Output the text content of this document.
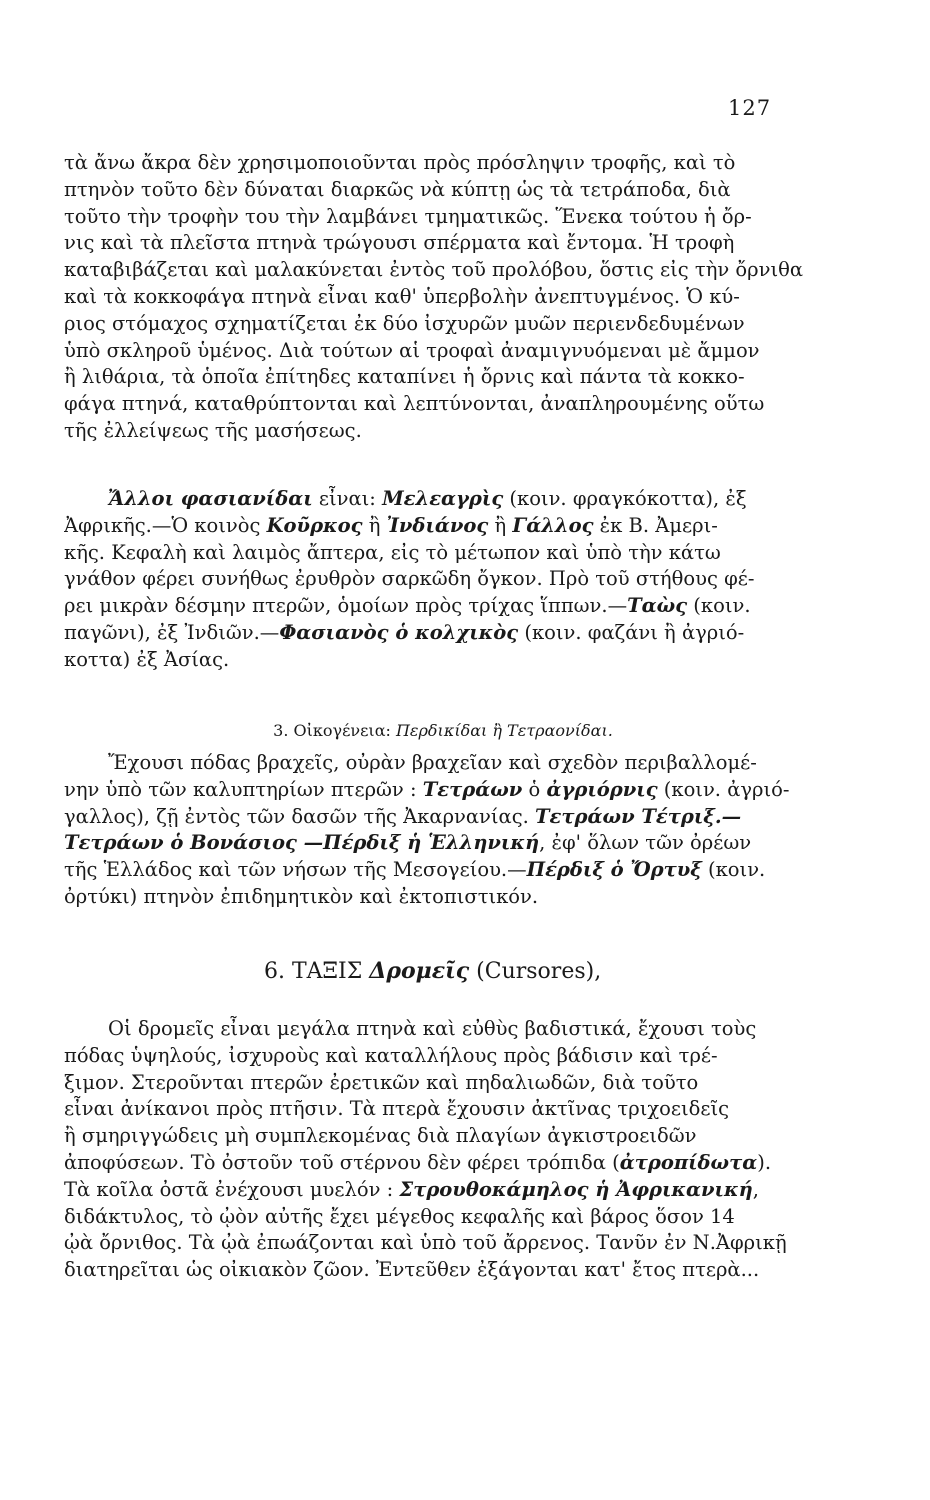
127
τὰ ἄνω ἄκρα δὲν χρησιμοποιοῦνται πρὸς πρόσληψιν τροφῆς, καὶ τὸ
πτηνὸν τοῦτο δὲν δύναται διαρκῶς νὰ κύπτῃ ὡς τὰ τετράποδα, διὰ
τοῦτο τὴν τροφὴν του τὴν λαμβάνει τμηματικῶς. Ἕνεκα τούτου ἡ ὄρ-
νις καὶ τὰ πλεῖστα πτηνὰ τρώγουσι σπέρματα καὶ ἔντομα. Ἡ τροφὴ
καταβιβάζεται καὶ μαλακύνεται ἐντὸς τοῦ προλόβου, ὅστις εἰς τὴν ὄρνιθα
καὶ τὰ κοκκοφάγα πτηνὰ εἶναι καθ' ὑπερβολὴν ἀνεπτυγμένος. Ὁ κύ-
ριος στόμαχος σχηματίζεται ἐκ δύο ἰσχυρῶν μυῶν περιενδεδυμένων
ὑπὸ σκληροῦ ὑμένος. Διὰ τούτων αἱ τροφαὶ ἀναμιγνυόμεναι μὲ ἄμμον
ἢ λιθάρια, τὰ ὁποῖα ἐπίτηδες καταπίνει ἡ ὄρνις καὶ πάντα τὰ κοκκο-
φάγα πτηνά, καταθρύπτονται καὶ λεπτύνονται, ἀναπληρουμένης οὕτω
τῆς ἐλλείψεως τῆς μασήσεως.
Ἄλλοι φασιανίδαι εἶναι: Μελεαγρὶς (κοιν. φραγκόκοττα), ἐξ
Ἀφρικῆς.—Ὁ κοινὸς Κοῦρκος ἢ Ἰνδιάνος ἢ Γάλλος ἐκ Β. Ἀμερι-
κῆς. Κεφαλὴ καὶ λαιμὸς ἄπτερα, εἰς τὸ μέτωπον καὶ ὑπὸ τὴν κάτω
γνάθον φέρει συνήθως ἐρυθρὸν σαρκῶδη ὄγκον. Πρὸ τοῦ στήθους φέ-
ρει μικρὰν δέσμην πτερῶν, ὁμοίων πρὸς τρίχας ἵππων.—Ταὼς (κοιν.
παγῶνι), ἐξ Ἰνδιῶν.—Φασιανὸς ὁ κολχικὸς (κοιν. φαζάνι ἢ ἀγριό-
κοττα) ἐξ Ἀσίας.
3. Οἰκογένεια: Περδικίδαι ἢ Τετραονίδαι.
Ἔχουσι πόδας βραχεῖς, οὐρὰν βραχεῖαν καὶ σχεδὸν περιβαλλομέ-
νην ὑπὸ τῶν καλυπτηρίων πτερῶν : Τετράων ὁ ἀγριόρνις (κοιν. ἀγριό-
γαλλος), ζῇ ἐντὸς τῶν δασῶν τῆς Ἀκαρνανίας. Τετράων Τέτριξ.—
Τετράων ὁ Βονάσιος —Πέρδιξ ἡ Ἑλληνική, ἐφ' ὅλων τῶν ὀρέων
τῆς Ἑλλάδος καὶ τῶν νήσων τῆς Μεσογείου.—Πέρδιξ ὁ Ὄρτυξ (κοιν.
ὀρτύκι) πτηνὸν ἐπιδημητικὸν καὶ ἐκτοπιστικόν.
6. ΤΑΞΙΣ Δρομεῖς (Cursores),
Οἱ δρομεῖς εἶναι μεγάλα πτηνὰ καὶ εὐθὺς βαδιστικά, ἔχουσι τοὺς
πόδας ὑψηλούς, ἰσχυροὺς καὶ καταλλήλους πρὸς βάδισιν καὶ τρέ-
ξιμον. Στεροῦνται πτερῶν ἐρετικῶν καὶ πηδαλιωδῶν, διὰ τοῦτο
εἶναι ἀνίκανοι πρὸς πτῆσιν. Τὰ πτερὰ ἔχουσιν ἀκτῖνας τριχοειδεῖς
ἢ σμηριγγώδεις μὴ συμπλεκομένας διὰ πλαγίων ἀγκιστροειδῶν
ἀποφύσεων. Τὸ ὀστοῦν τοῦ στέρνου δὲν φέρει τρόπιδα (ἀτροπίδωτα).
Τὰ κοῖλα ὀστᾶ ἐνέχουσι μυελόν : Στρουθοκάμηλος ἡ Ἀφρικανική,
διδάκτυλος, τὸ ᾠὸν αὐτῆς ἔχει μέγεθος κεφαλῆς καὶ βάρος ὅσον 14
ᾠὰ ὄρνιθος. Τὰ ᾠὰ ἐπωάζονται καὶ ὑπὸ τοῦ ἄρρενος. Τανῦν ἐν Ν.Ἀφρικῇ
διατηρεῖται ὡς οἰκιακὸν ζῶον. Ἐντεῦθεν ἐξάγονται κατ' ἔτος πτερὰ...
